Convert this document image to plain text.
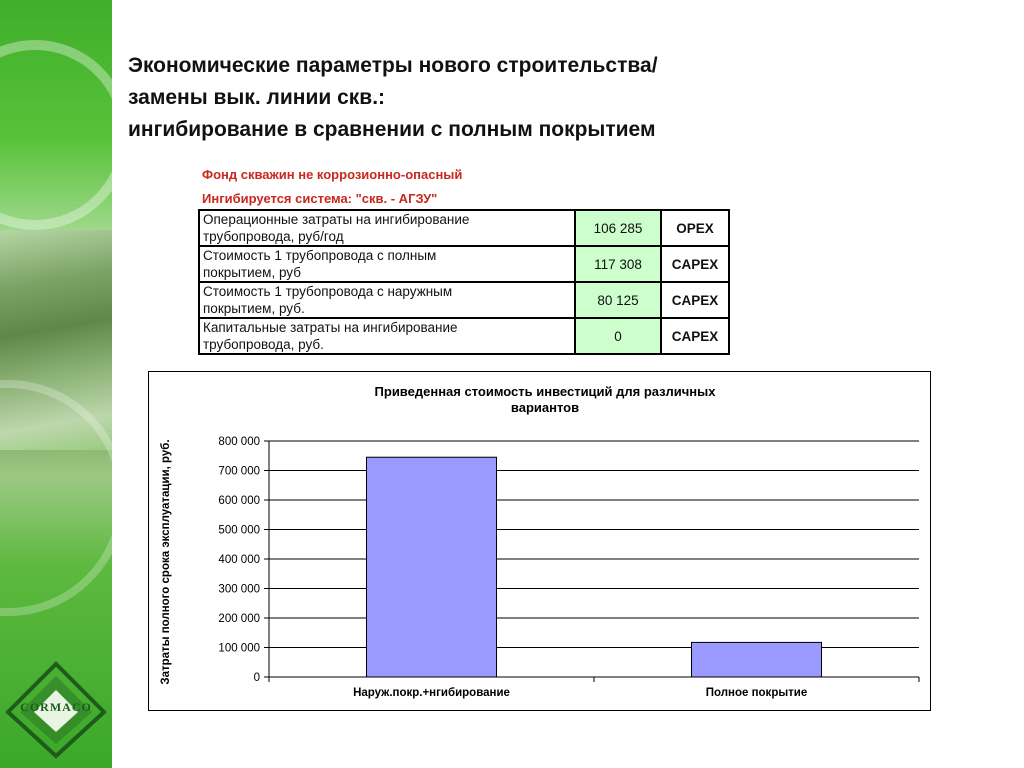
CORMACO
Экономические параметры нового строительства/
замены вык. линии скв.:
ингибирование в сравнении с полным покрытием
Фонд скважин не коррозионно-опасный
Ингибируется система: "скв. - АГЗУ"
Операционные затраты на ингибирование
трубопровода, руб/год	106 285	OPEX
Стоимость 1 трубопровода с полным
покрытием, руб	117 308	CAPEX
Стоимость 1 трубопровода с наружным
покрытием, руб.	80 125	CAPEX
Капитальные затраты на ингибирование
трубопровода, руб.	0	CAPEX
Приведенная стоимость инвестиций для различных
вариантов
Затраты полного срока эксплуатации, руб.	0
100 000
200 000
300 000
400 000
500 000
600 000
700 000
800 000
Наруж.покр.+нгибирование	Полное покрытие
